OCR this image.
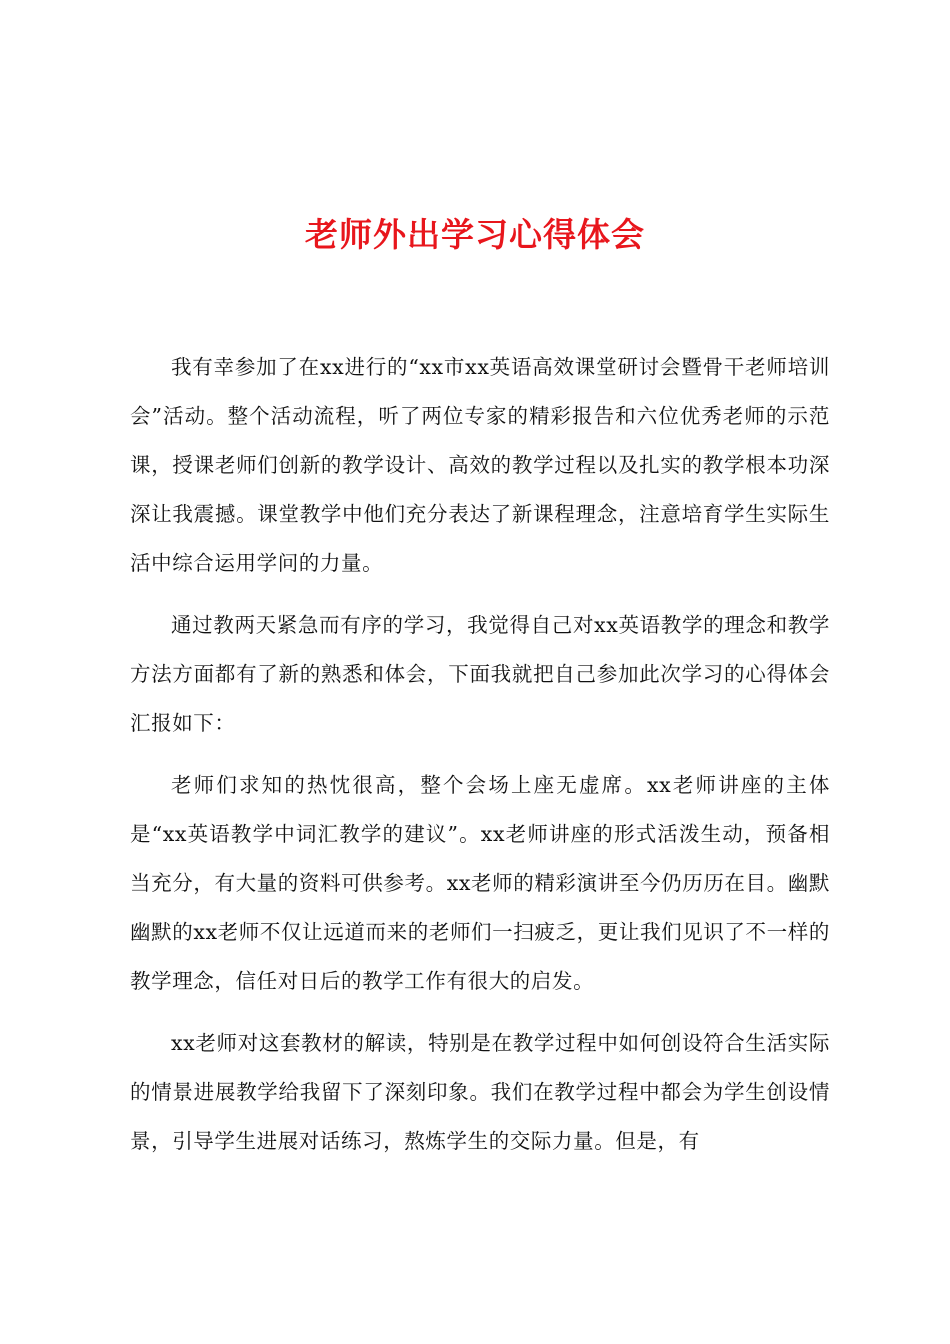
老师外出学习心得体会

我有幸参加了在xx进行的“xx市xx英语高效课堂研讨会暨骨干老师培训会”活动。整个活动流程，听了两位专家的精彩报告和六位优秀老师的示范课，授课老师们创新的教学设计、高效的教学过程以及扎实的教学根本功深深让我震撼。课堂教学中他们充分表达了新课程理念，注意培育学生实际生活中综合运用学问的力量。

通过教两天紧急而有序的学习，我觉得自己对xx英语教学的理念和教学方法方面都有了新的熟悉和体会，下面我就把自己参加此次学习的心得体会汇报如下：

老师们求知的热忱很高，整个会场上座无虚席。xx老师讲座的主体是“xx英语教学中词汇教学的建议”。xx老师讲座的形式活泼生动，预备相当充分，有大量的资料可供参考。xx老师的精彩演讲至今仍历历在目。幽默幽默的xx老师不仅让远道而来的老师们一扫疲乏，更让我们见识了不一样的教学理念，信任对日后的教学工作有很大的启发。

xx老师对这套教材的解读，特别是在教学过程中如何创设符合生活实际的情景进展教学给我留下了深刻印象。我们在教学过程中都会为学生创设情景，引导学生进展对话练习，熬炼学生的交际力量。但是，有
